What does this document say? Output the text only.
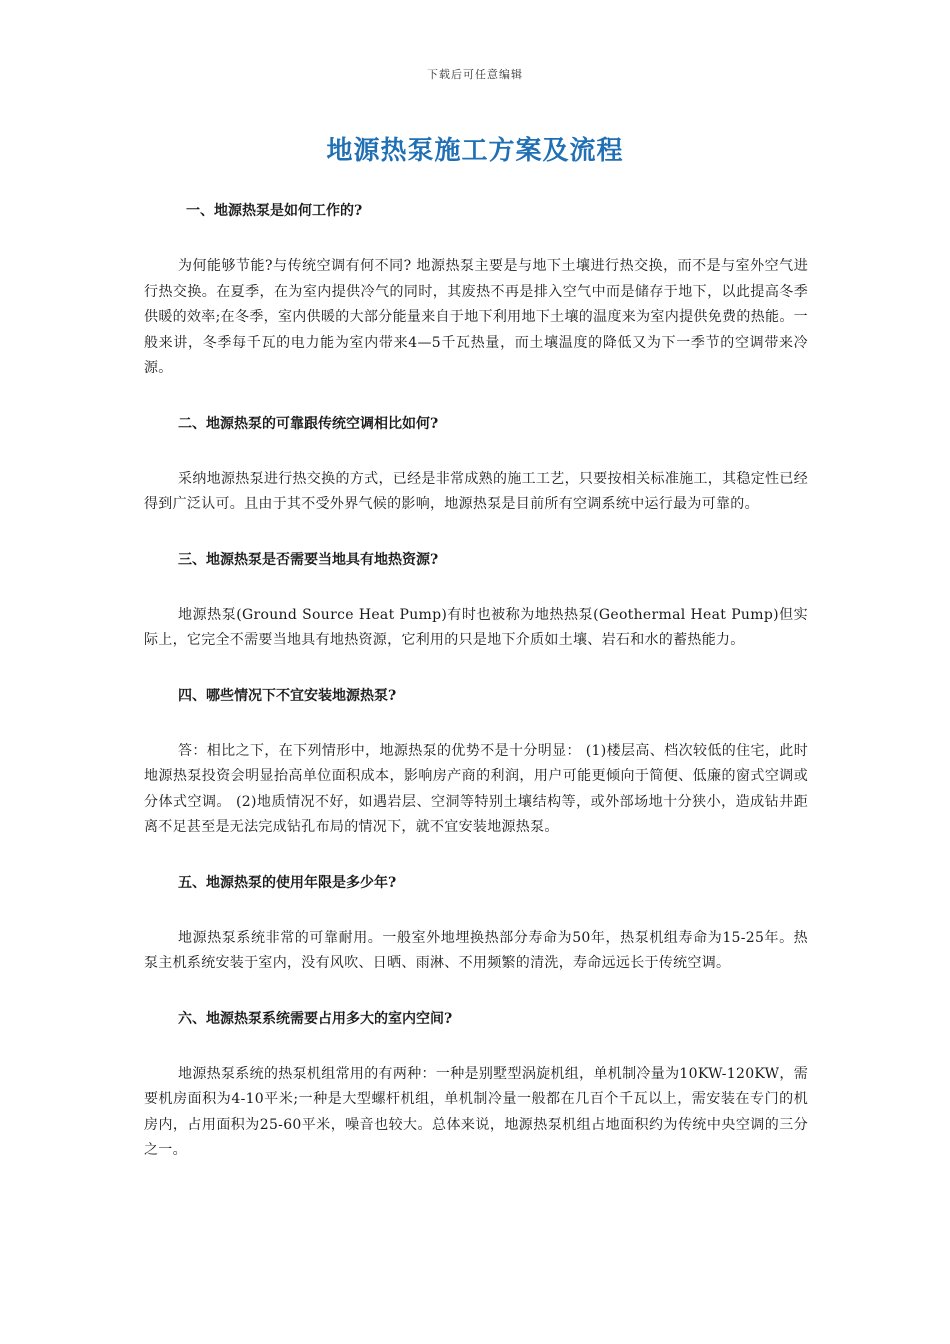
下载后可任意编辑
地源热泵施工方案及流程
一、地源热泵是如何工作的?

为何能够节能?与传统空调有何不同? 地源热泵主要是与地下土壤进行热交换，而不是与室外空气进行热交换。在夏季，在为室内提供冷气的同时，其废热不再是排入空气中而是储存于地下，以此提高冬季供暖的效率;在冬季，室内供暖的大部分能量来自于地下利用地下土壤的温度来为室内提供免费的热能。一般来讲，冬季每千瓦的电力能为室内带来4—5千瓦热量，而土壤温度的降低又为下一季节的空调带来冷源。

二、地源热泵的可靠跟传统空调相比如何?

采纳地源热泵进行热交换的方式，已经是非常成熟的施工工艺，只要按相关标准施工，其稳定性已经得到广泛认可。且由于其不受外界气候的影响，地源热泵是目前所有空调系统中运行最为可靠的。

三、地源热泵是否需要当地具有地热资源?

地源热泵(Ground Source Heat Pump)有时也被称为地热热泵(Geothermal Heat Pump)但实际上，它完全不需要当地具有地热资源，它利用的只是地下介质如土壤、岩石和水的蓄热能力。

四、哪些情况下不宜安装地源热泵?

答：相比之下，在下列情形中，地源热泵的优势不是十分明显： (1)楼层高、档次较低的住宅，此时地源热泵投资会明显抬高单位面积成本，影响房产商的利润，用户可能更倾向于简便、低廉的窗式空调或分体式空调。 (2)地质情况不好，如遇岩层、空洞等特别土壤结构等，或外部场地十分狭小，造成钻井距离不足甚至是无法完成钻孔布局的情况下，就不宜安装地源热泵。

五、地源热泵的使用年限是多少年?

地源热泵系统非常的可靠耐用。一般室外地埋换热部分寿命为50年，热泵机组寿命为15-25年。热泵主机系统安装于室内，没有风吹、日晒、雨淋、不用频繁的清洗，寿命远远长于传统空调。

六、地源热泵系统需要占用多大的室内空间?

地源热泵系统的热泵机组常用的有两种：一种是别墅型涡旋机组，单机制冷量为10KW-120KW，需要机房面积为4-10平米;一种是大型螺杆机组，单机制冷量一般都在几百个千瓦以上，需安装在专门的机房内，占用面积为25-60平米，噪音也较大。总体来说，地源热泵机组占地面积约为传统中央空调的三分之一。
